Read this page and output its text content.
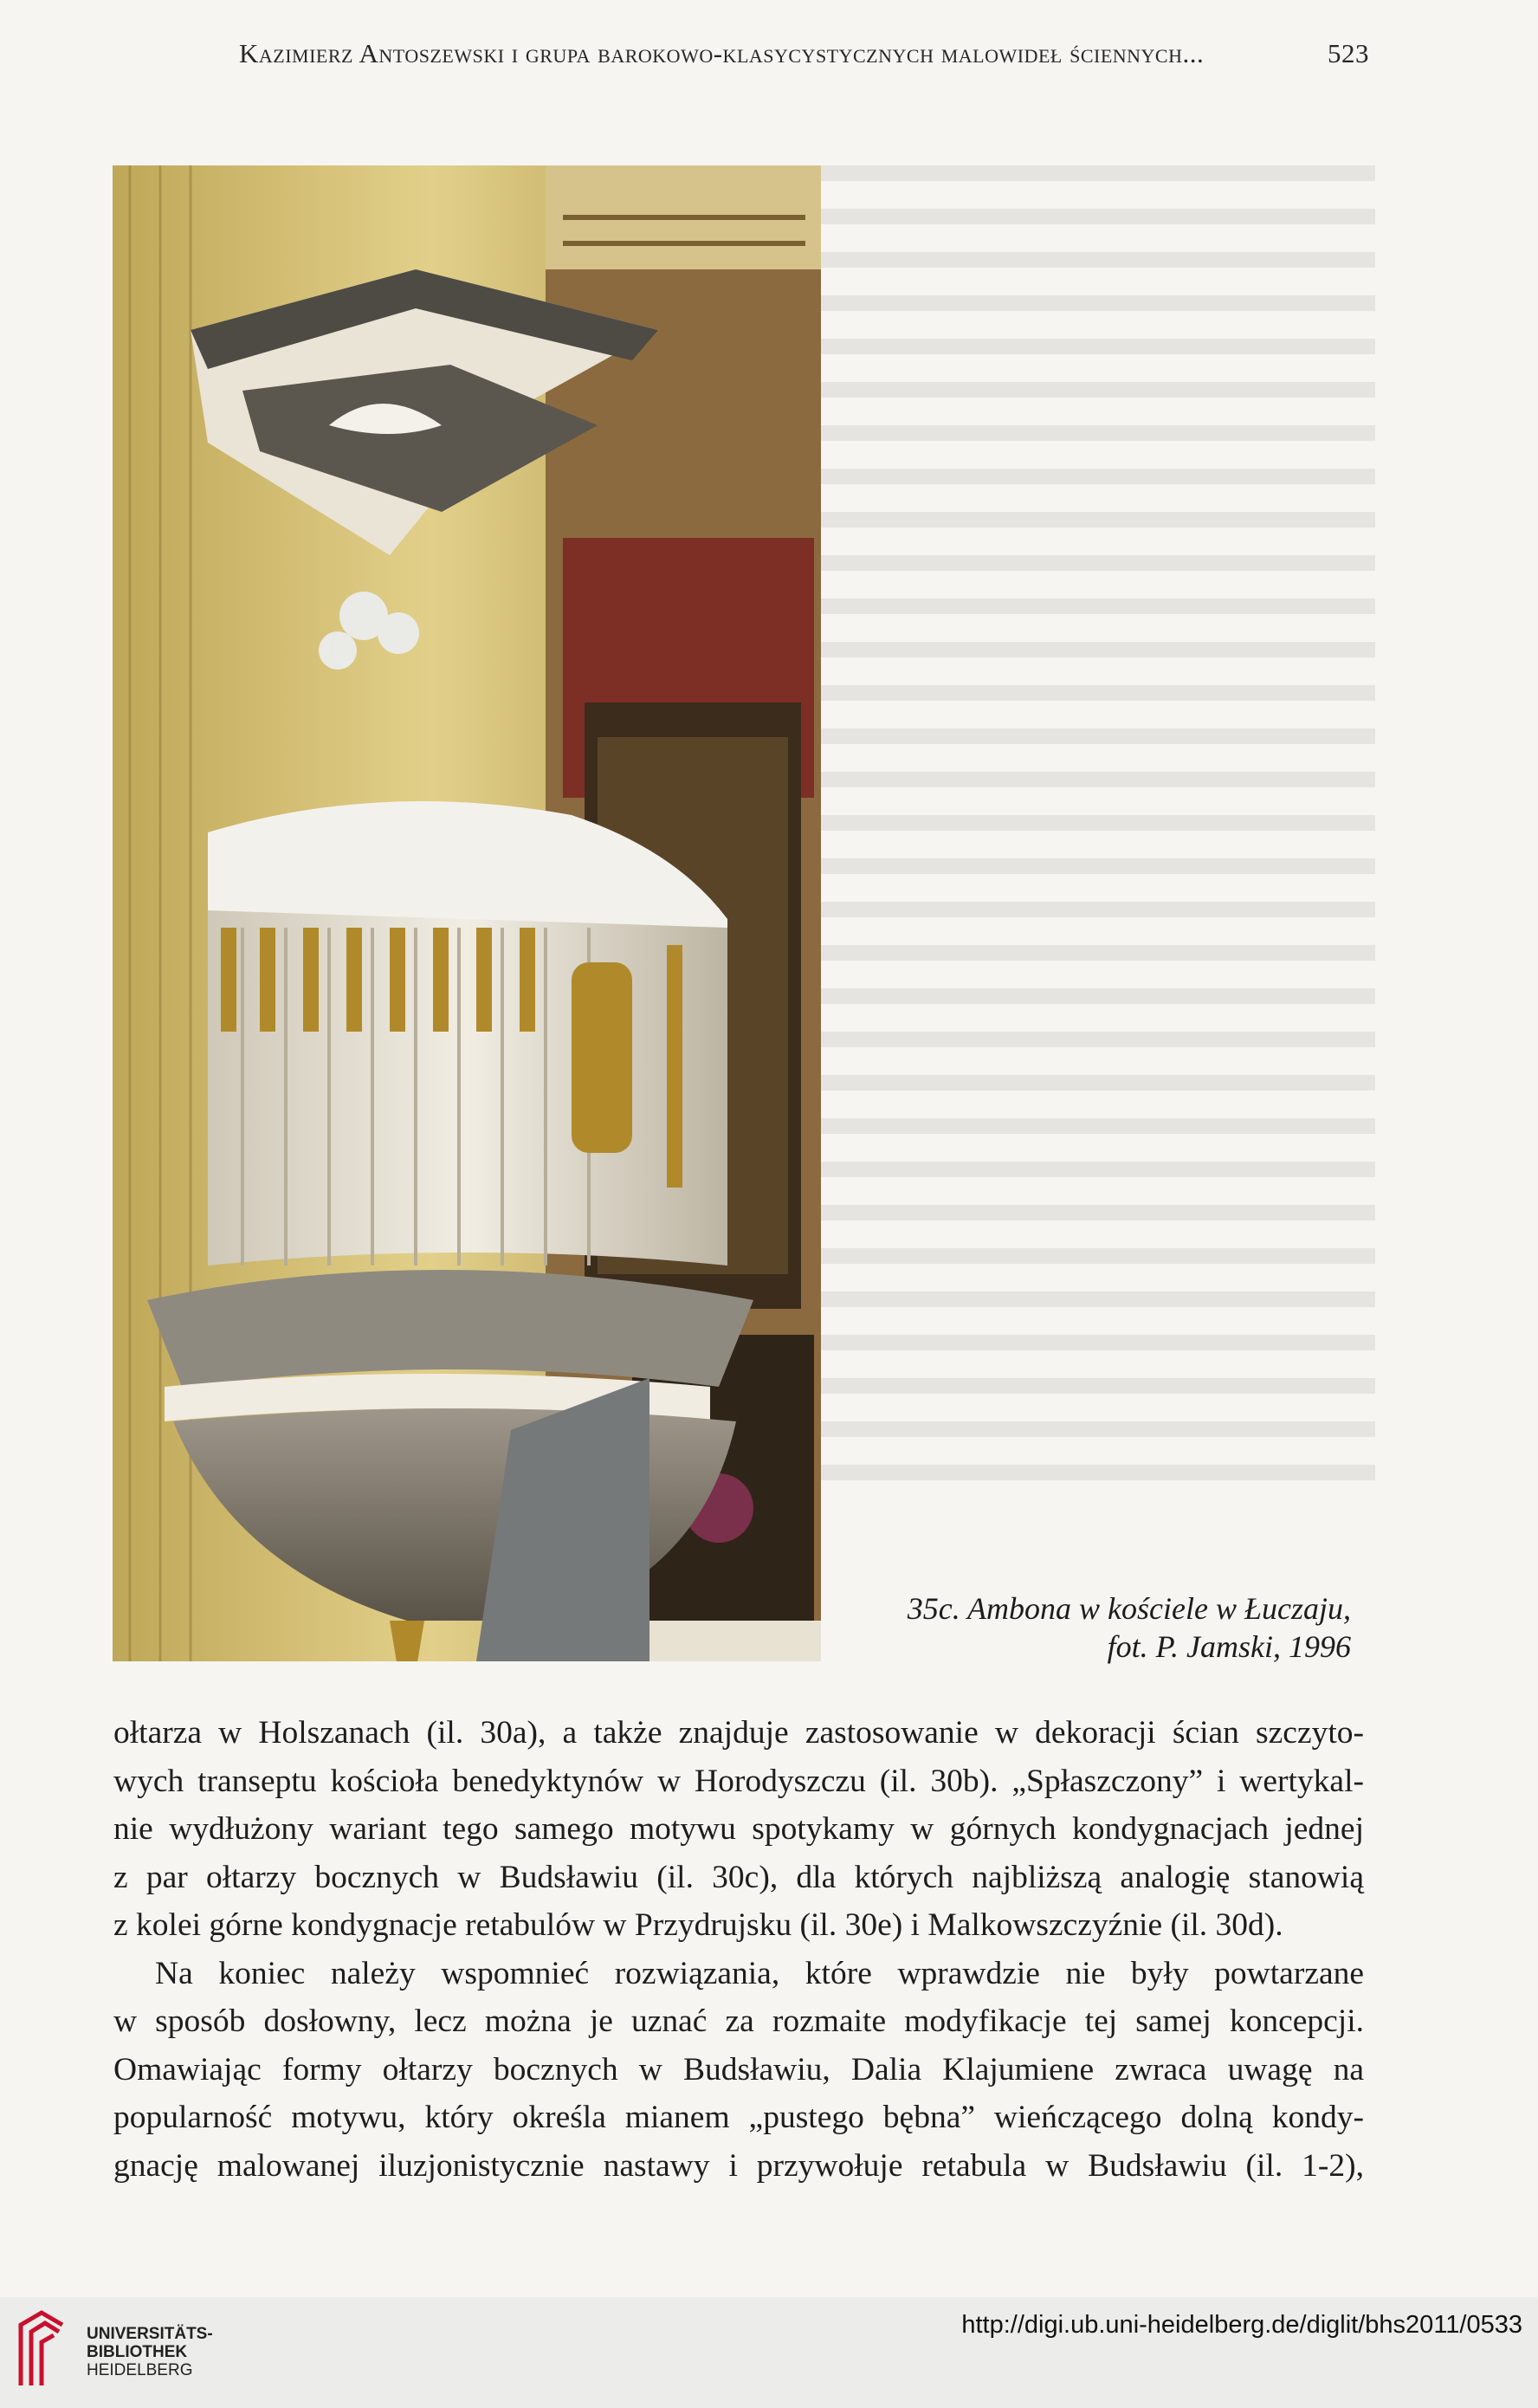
Kazimierz Antoszewski i grupa barokowo-klasycystycznych malowideł ściennych...	523
35c. Ambona w kościele w Łuczaju,
fot. P. Jamski, 1996
ołtarza w Holszanach (il. 30a), a także znajduje zastosowanie w dekoracji ścian szczyto-
wych transeptu kościoła benedyktynów w Horodyszczu (il. 30b). „Spłaszczony” i wertykal-
nie wydłużony wariant tego samego motywu spotykamy w górnych kondygnacjach jednej
z par ołtarzy bocznych w Budsławiu (il. 30c), dla których najbliższą analogię stanowią
z kolei górne kondygnacje retabulów w Przydrujsku (il. 30e) i Malkowszczyźnie (il. 30d).
Na koniec należy wspomnieć rozwiązania, które wprawdzie nie były powtarzane
w sposób dosłowny, lecz można je uznać za rozmaite modyfikacje tej samej koncepcji.
Omawiając formy ołtarzy bocznych w Budsławiu, Dalia Klajumiene zwraca uwagę na
popularność motywu, który określa mianem „pustego bębna” wieńczącego dolną kondy-
gnację malowanej iluzjonistycznie nastawy i przywołuje retabula w Budsławiu (il. 1-2),
UNIVERSITÄTS-
BIBLIOTHEK
HEIDELBERG
http://digi.ub.uni-heidelberg.de/diglit/bhs2011/0533
